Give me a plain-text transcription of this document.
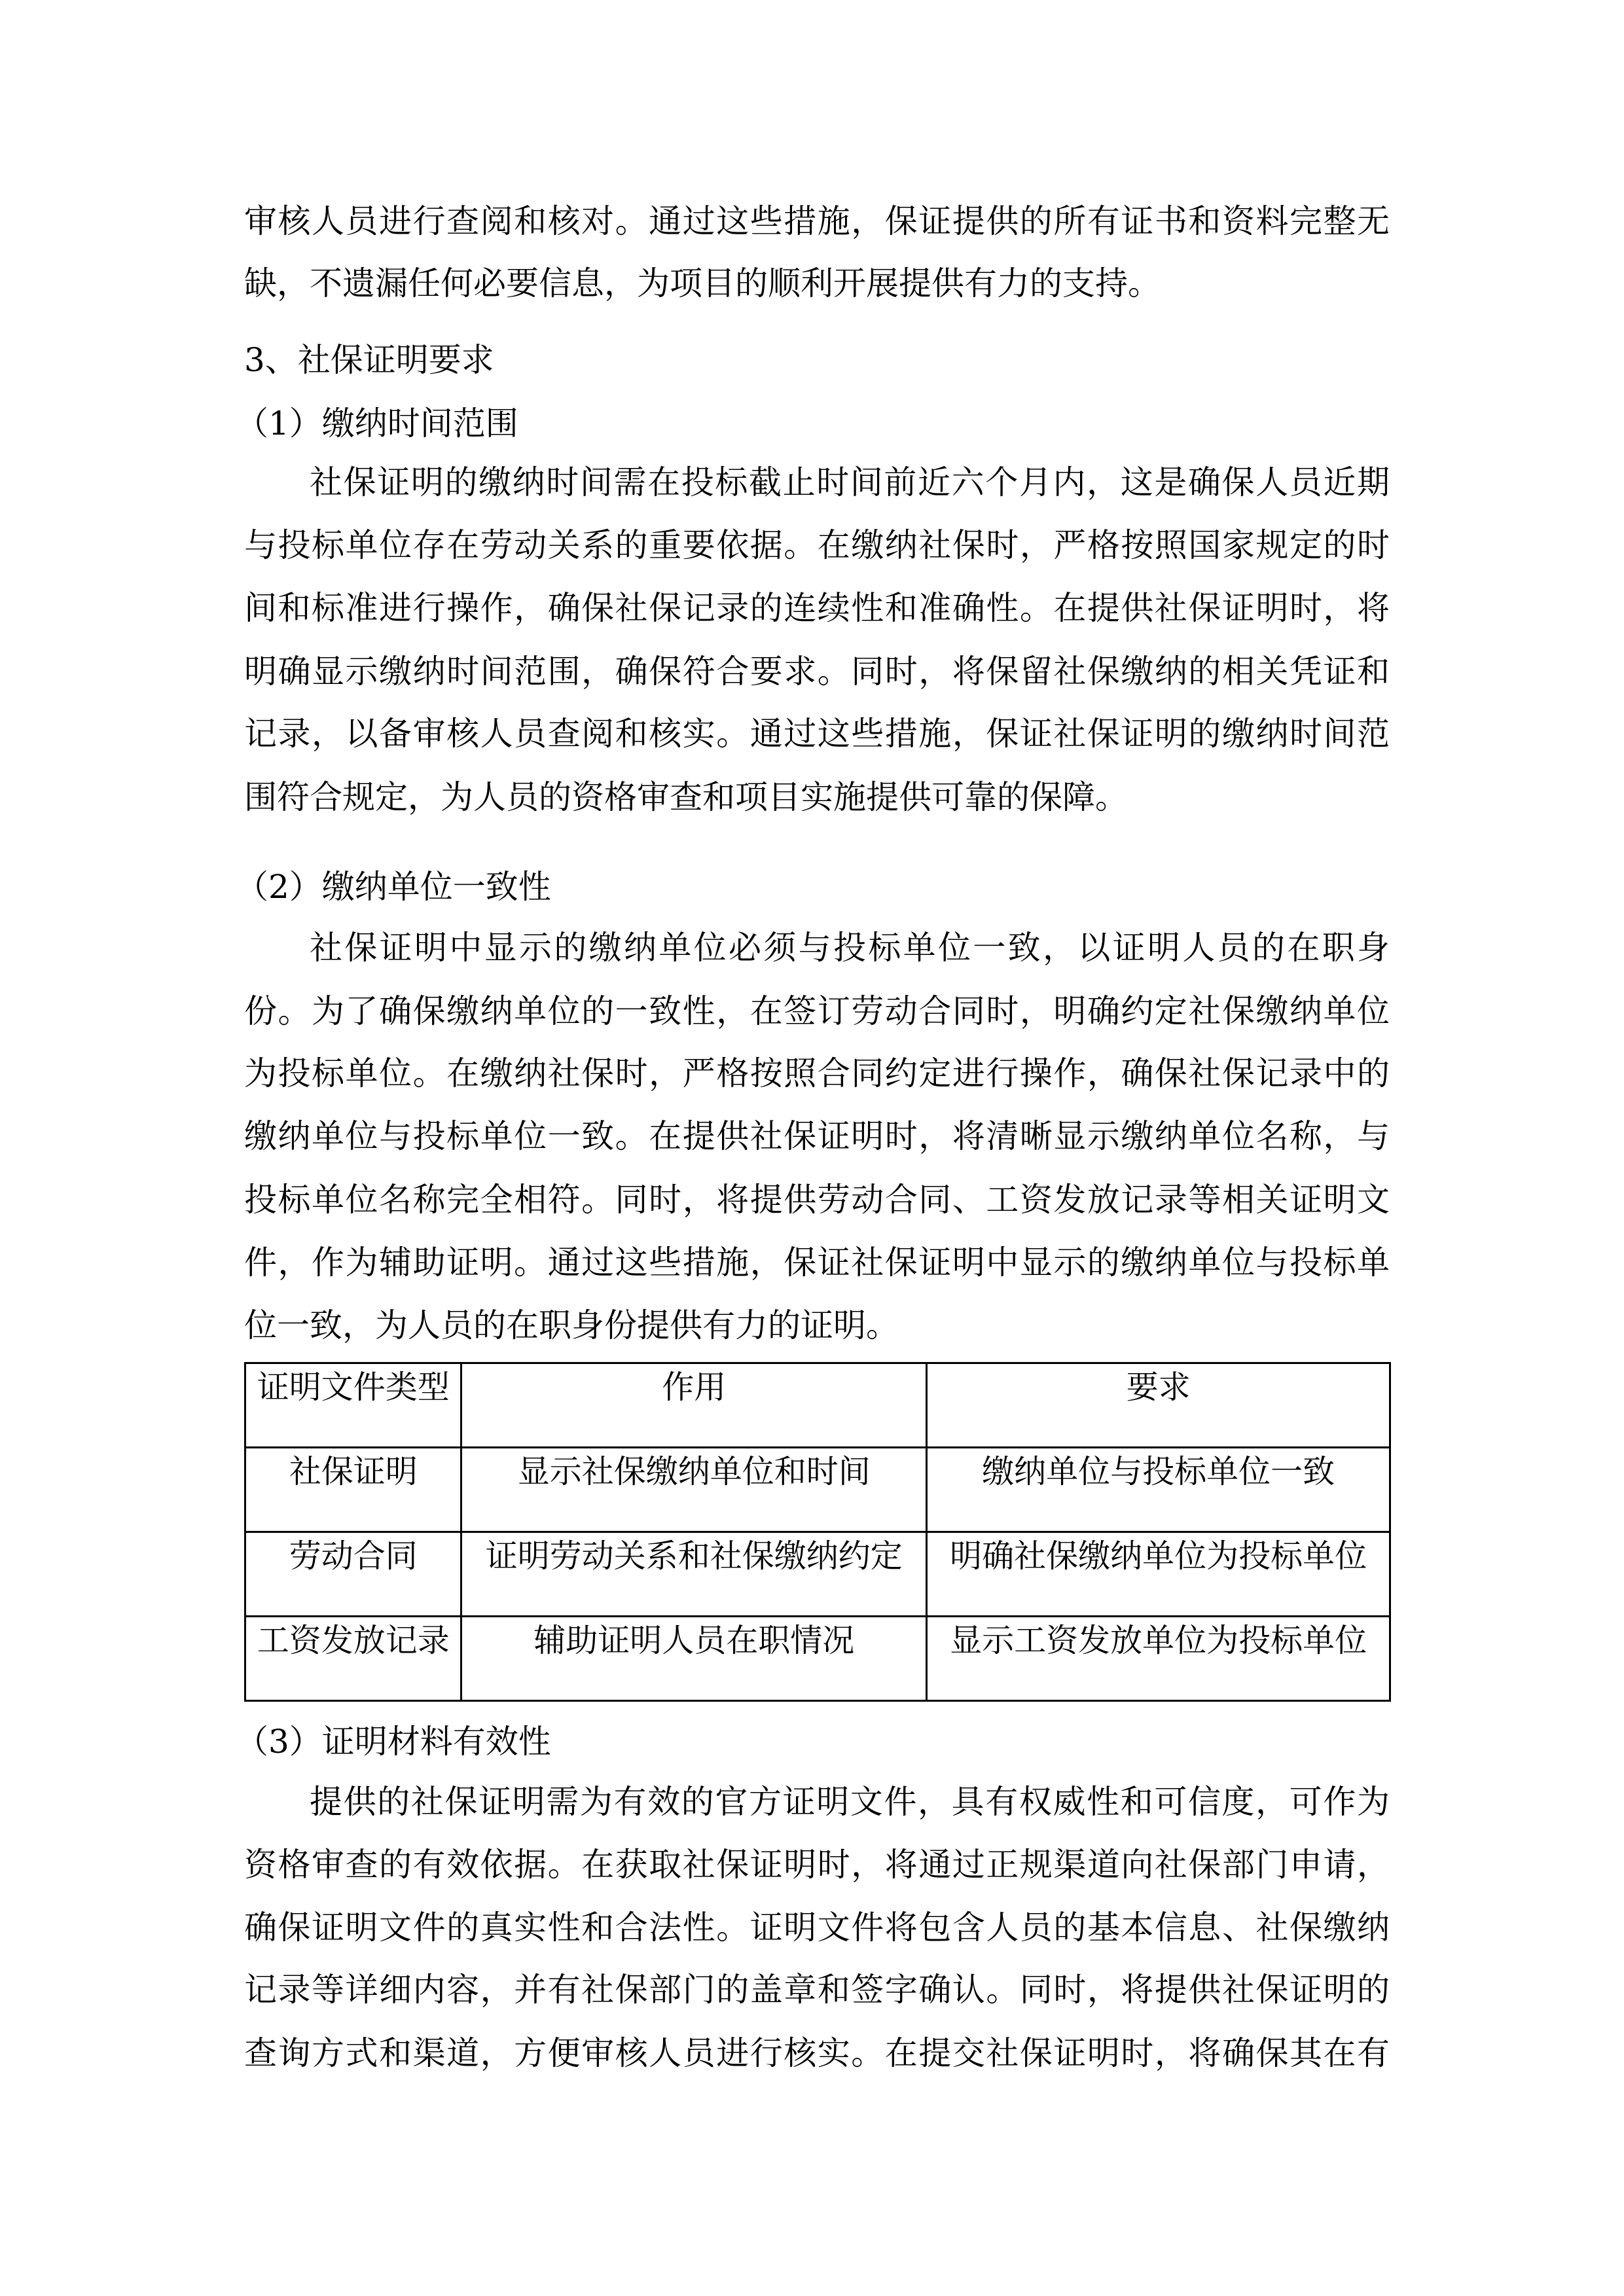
审核人员进行查阅和核对。通过这些措施，保证提供的所有证书和资料完整无
缺，不遗漏任何必要信息，为项目的顺利开展提供有力的支持。
3、社保证明要求
（1）缴纳时间范围
社保证明的缴纳时间需在投标截止时间前近六个月内，这是确保人员近期
与投标单位存在劳动关系的重要依据。在缴纳社保时，严格按照国家规定的时
间和标准进行操作，确保社保记录的连续性和准确性。在提供社保证明时，将
明确显示缴纳时间范围，确保符合要求。同时，将保留社保缴纳的相关凭证和
记录，以备审核人员查阅和核实。通过这些措施，保证社保证明的缴纳时间范
围符合规定，为人员的资格审查和项目实施提供可靠的保障。
（2）缴纳单位一致性
社保证明中显示的缴纳单位必须与投标单位一致，以证明人员的在职身
份。为了确保缴纳单位的一致性，在签订劳动合同时，明确约定社保缴纳单位
为投标单位。在缴纳社保时，严格按照合同约定进行操作，确保社保记录中的
缴纳单位与投标单位一致。在提供社保证明时，将清晰显示缴纳单位名称，与
投标单位名称完全相符。同时，将提供劳动合同、工资发放记录等相关证明文
件，作为辅助证明。通过这些措施，保证社保证明中显示的缴纳单位与投标单
位一致，为人员的在职身份提供有力的证明。
证明文件类型	作用	要求
社保证明	显示社保缴纳单位和时间	缴纳单位与投标单位一致
劳动合同	证明劳动关系和社保缴纳约定	明确社保缴纳单位为投标单位
工资发放记录	辅助证明人员在职情况	显示工资发放单位为投标单位
（3）证明材料有效性
提供的社保证明需为有效的官方证明文件，具有权威性和可信度，可作为
资格审查的有效依据。在获取社保证明时，将通过正规渠道向社保部门申请，
确保证明文件的真实性和合法性。证明文件将包含人员的基本信息、社保缴纳
记录等详细内容，并有社保部门的盖章和签字确认。同时，将提供社保证明的
查询方式和渠道，方便审核人员进行核实。在提交社保证明时，将确保其在有
